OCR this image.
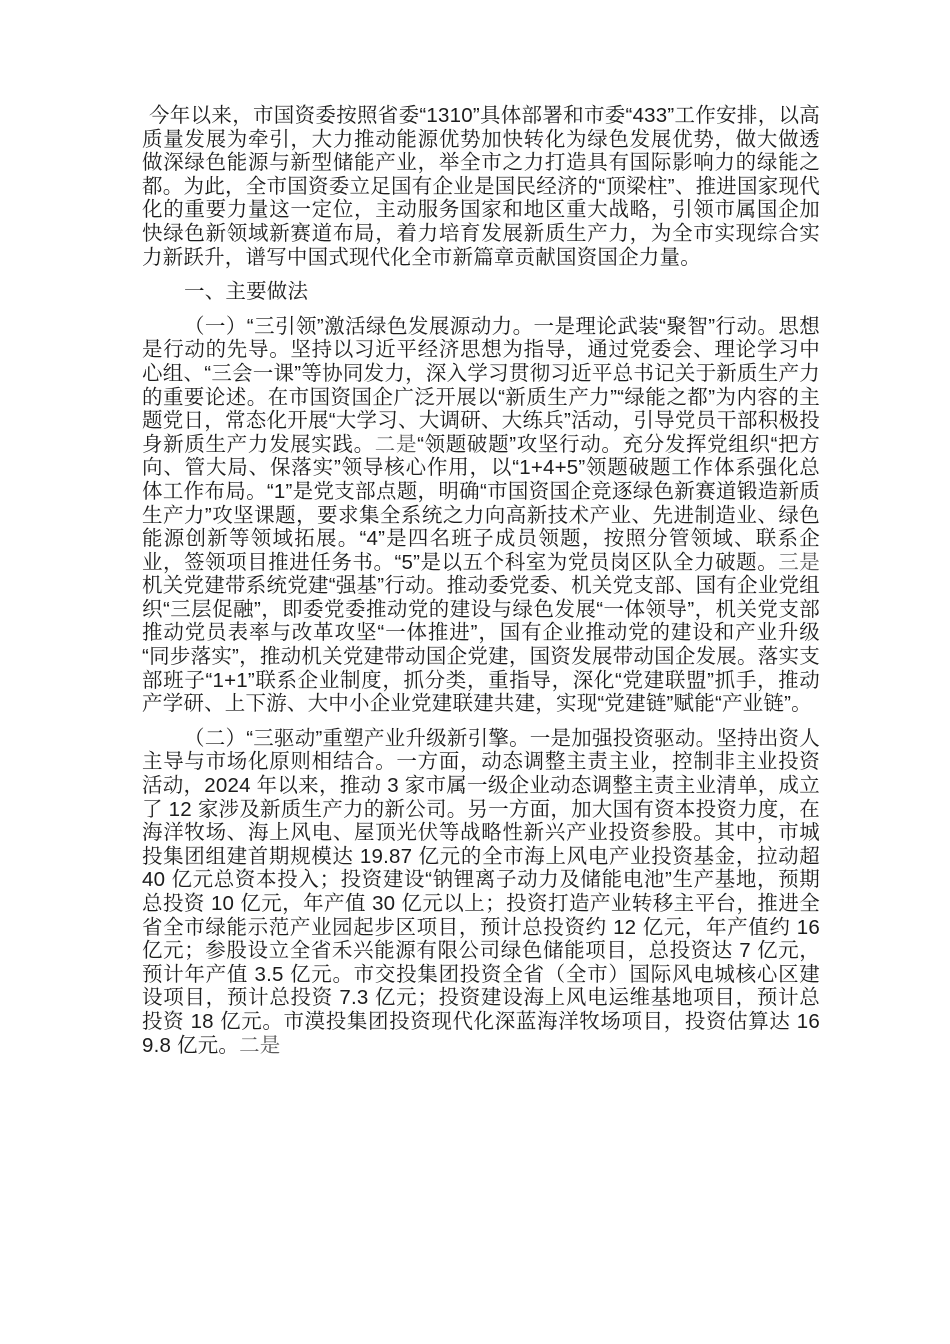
今年以来，市国资委按照省委“1310”具体部署和市委“433”工作安排，以高质量发展为牵引，大力推动能源优势加快转化为绿色发展优势，做大做透做深绿色能源与新型储能产业，举全市之力打造具有国际影响力的绿能之都。为此，全市国资委立足国有企业是国民经济的“顶梁柱”、推进国家现代化的重要力量这一定位，主动服务国家和地区重大战略，引领市属国企加快绿色新领域新赛道布局，着力培育发展新质生产力，为全市实现综合实力新跃升，谱写中国式现代化全市新篇章贡献国资国企力量。

一、主要做法

（一）“三引领”激活绿色发展源动力。一是理论武装“聚智”行动。思想是行动的先导。坚持以习近平经济思想为指导，通过党委会、理论学习中心组、“三会一课”等协同发力，深入学习贯彻习近平总书记关于新质生产力的重要论述。在市国资国企广泛开展以“新质生产力”“绿能之都”为内容的主题党日，常态化开展“大学习、大调研、大练兵”活动，引导党员干部积极投身新质生产力发展实践。二是“领题破题”攻坚行动。充分发挥党组织“把方向、管大局、保落实”领导核心作用，以“1+4+5”领题破题工作体系强化总体工作布局。“1”是党支部点题，明确“市国资国企竞逐绿色新赛道锻造新质生产力”攻坚课题，要求集全系统之力向高新技术产业、先进制造业、绿色能源创新等领域拓展。“4”是四名班子成员领题，按照分管领域、联系企业，签领项目推进任务书。“5”是以五个科室为党员岗区队全力破题。三是机关党建带系统党建“强基”行动。推动委党委、机关党支部、国有企业党组织“三层促融”，即委党委推动党的建设与绿色发展“一体领导”，机关党支部推动党员表率与改革攻坚“一体推进”，国有企业推动党的建设和产业升级“同步落实”，推动机关党建带动国企党建，国资发展带动国企发展。落实支部班子“1+1”联系企业制度，抓分类，重指导，深化“党建联盟”抓手，推动产学研、上下游、大中小企业党建联建共建，实现“党建链”赋能“产业链”。

（二）“三驱动”重塑产业升级新引擎。一是加强投资驱动。坚持出资人主导与市场化原则相结合。一方面，动态调整主责主业，控制非主业投资活动，2024 年以来，推动 3 家市属一级企业动态调整主责主业清单，成立了 12 家涉及新质生产力的新公司。另一方面，加大国有资本投资力度，在海洋牧场、海上风电、屋顶光伏等战略性新兴产业投资参股。其中，市城投集团组建首期规模达 19.87 亿元的全市海上风电产业投资基金，拉动超 40 亿元总资本投入；投资建设“钠锂离子动力及储能电池”生产基地，预期总投资 10 亿元，年产值 30 亿元以上；投资打造产业转移主平台，推进全省全市绿能示范产业园起步区项目，预计总投资约 12 亿元，年产值约 16 亿元；参股设立全省禾兴能源有限公司绿色储能项目，总投资达 7 亿元，预计年产值 3.5 亿元。市交投集团投资全省（全市）国际风电城核心区建设项目，预计总投资 7.3 亿元；投资建设海上风电运维基地项目，预计总投资 18 亿元。市漠投集团投资现代化深蓝海洋牧场项目，投资估算达 169.8 亿元。二是
